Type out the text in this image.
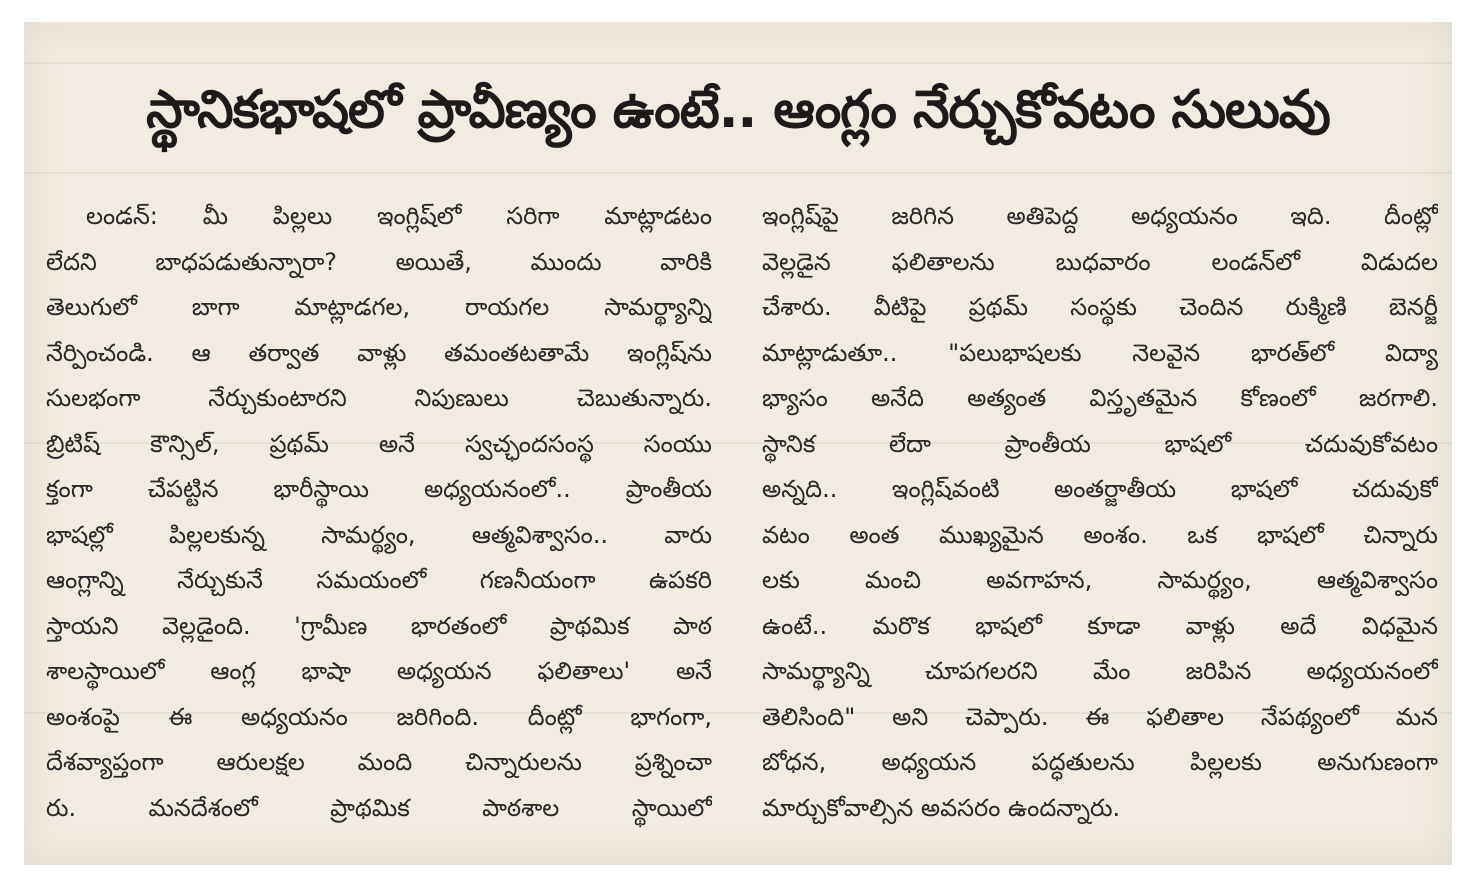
స్థానికభాషలో ప్రావీణ్యం ఉంటే.. ఆంగ్లం నేర్చుకోవటం సులువు
లండన్: మీ పిల్లలు ఇంగ్లిష్‌లో సరిగా మాట్లాడటం
లేదని బాధపడుతున్నారా? అయితే, ముందు వారికి
తెలుగులో బాగా మాట్లాడగల, రాయగల సామర్థ్యాన్ని
నేర్పించండి. ఆ తర్వాత వాళ్లు తమంతటతామే ఇంగ్లిష్‌ను
సులభంగా నేర్చుకుంటారని నిపుణులు చెబుతున్నారు.
బ్రిటిష్ కౌన్సిల్, ప్రథమ్ అనే స్వచ్ఛందసంస్థ సంయు
క్తంగా చేపట్టిన భారీస్థాయి అధ్యయనంలో.. ప్రాంతీయ
భాషల్లో పిల్లలకున్న సామర్థ్యం, ఆత్మవిశ్వాసం.. వారు
ఆంగ్లాన్ని నేర్చుకునే సమయంలో గణనీయంగా ఉపకరి
స్తాయని వెల్లడైంది. 'గ్రామీణ భారతంలో ప్రాథమిక పాఠ
శాలస్థాయిలో ఆంగ్ల భాషా అధ్యయన ఫలితాలు' అనే
అంశంపై ఈ అధ్యయనం జరిగింది. దీంట్లో భాగంగా,
దేశవ్యాప్తంగా ఆరులక్షల మంది చిన్నారులను ప్రశ్నించా
రు. మనదేశంలో ప్రాథమిక పాఠశాల స్థాయిలో
ఇంగ్లిష్‌పై జరిగిన అతిపెద్ద అధ్యయనం ఇది. దీంట్లో
వెల్లడైన ఫలితాలను బుధవారం లండన్‌లో విడుదల
చేశారు. వీటిపై ప్రథమ్ సంస్థకు చెందిన రుక్మిణి బెనర్జీ
మాట్లాడుతూ.. "పలుభాషలకు నెలవైన భారత్‌లో విద్యా
భ్యాసం అనేది అత్యంత విస్తృతమైన కోణంలో జరగాలి.
స్థానిక లేదా ప్రాంతీయ భాషలో చదువుకోవటం
అన్నది.. ఇంగ్లిష్‌వంటి అంతర్జాతీయ భాషలో చదువుకో
వటం అంత ముఖ్యమైన అంశం. ఒక భాషలో చిన్నారు
లకు మంచి అవగాహన, సామర్థ్యం, ఆత్మవిశ్వాసం
ఉంటే.. మరొక భాషలో కూడా వాళ్లు అదే విధమైన
సామర్థ్యాన్ని చూపగలరని మేం జరిపిన అధ్యయనంలో
తెలిసింది" అని చెప్పారు. ఈ ఫలితాల నేపథ్యంలో మన
బోధన, అధ్యయన పద్ధతులను పిల్లలకు అనుగుణంగా
మార్చుకోవాల్సిన అవసరం ఉందన్నారు.
